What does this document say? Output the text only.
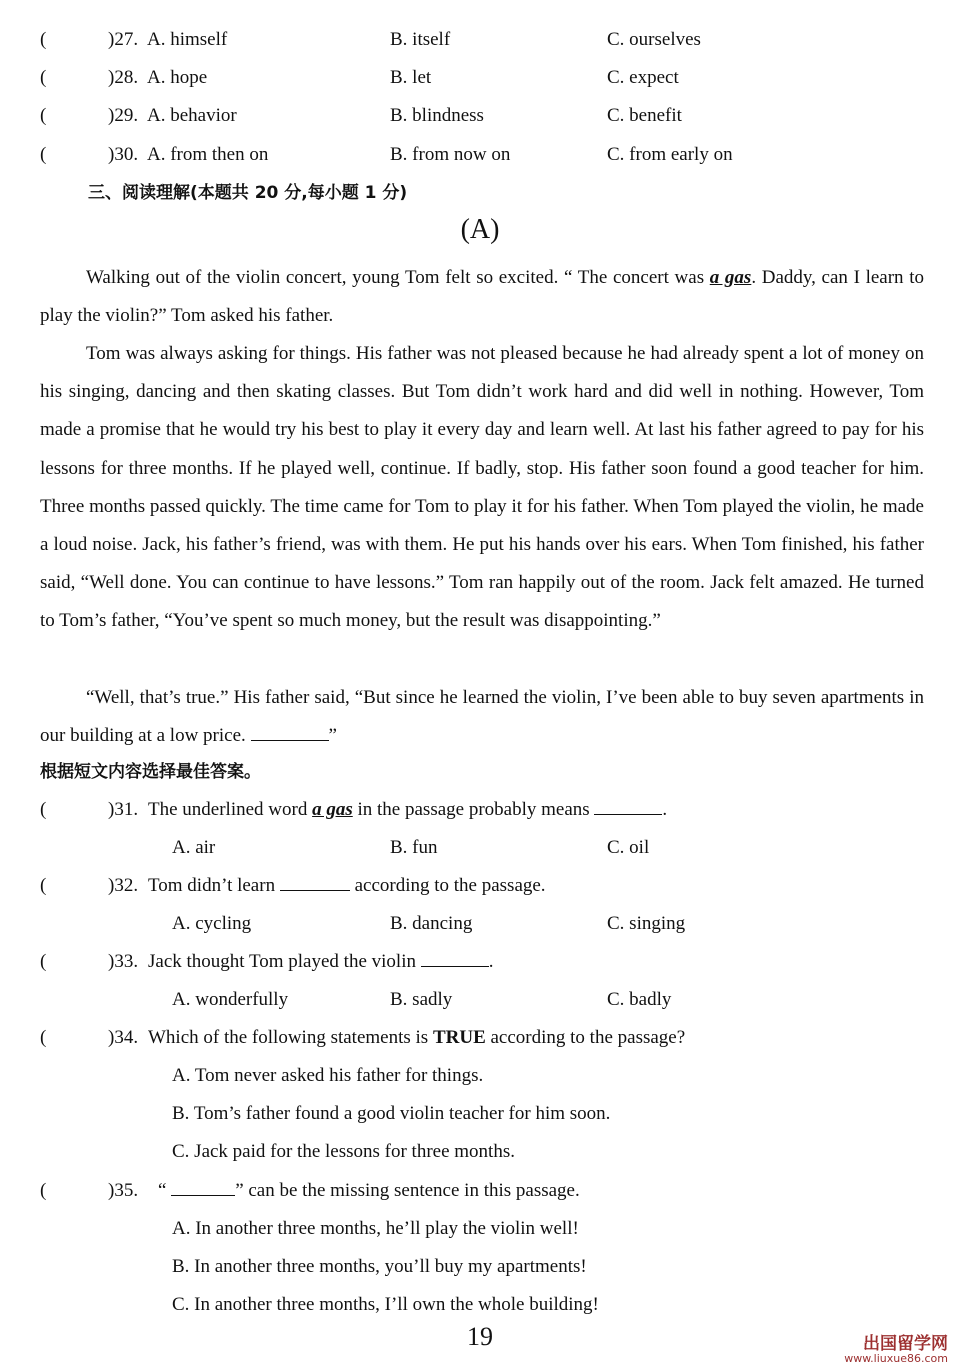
(	)27. A. himself	B. itself	C. ourselves
(	)28. A. hope	B. let	C. expect
(	)29. A. behavior	B. blindness	C. benefit
(	)30. A. from then on	B. from now on	C. from early on
三、阅读理解(本题共 20 分,每小题 1 分)
(A)

Walking out of the violin concert, young Tom felt so excited. “ The concert was a gas. Daddy, can I learn to play the violin?” Tom asked his father.

Tom was always asking for things. His father was not pleased because he had already spent a lot of money on his singing, dancing and then skating classes. But Tom didn’t work hard and did well in nothing. However, Tom made a promise that he would try his best to play it every day and learn well. At last his father agreed to pay for his lessons for three months. If he played well, continue. If badly, stop. His father soon found a good teacher for him. Three months passed quickly. The time came for Tom to play it for his father. When Tom played the violin, he made a loud noise. Jack, his father’s friend, was with them. He put his hands over his ears. When Tom finished, his father said, “Well done. You can continue to have lessons.” Tom ran happily out of the room. Jack felt amazed. He turned to Tom’s father, “You’ve spent so much money, but the result was disappointing.”

“Well, that’s true.” His father said, “But since he learned the violin, I’ve been able to buy seven apartments in our building at a low price.	”

根据短文内容选择最佳答案。
(	)31. The underlined word a gas in the passage probably means	.
A. air	B. fun	C. oil
(	)32. Tom didn’t learn	according to the passage.
A. cycling	B. dancing	C. singing
(	)33. Jack thought Tom played the violin	.
A. wonderfully	B. sadly	C. badly
(	)34. Which of the following statements is TRUE according to the passage?
A. Tom never asked his father for things.
B. Tom’s father found a good violin teacher for him soon.
C. Jack paid for the lessons for three months.
(	)35. “	” can be the missing sentence in this passage.
A. In another three months, he’ll play the violin well!
B. In another three months, you’ll buy my apartments!
C. In another three months, I’ll own the whole building!
19	出国留学网
www.liuxue86.com
